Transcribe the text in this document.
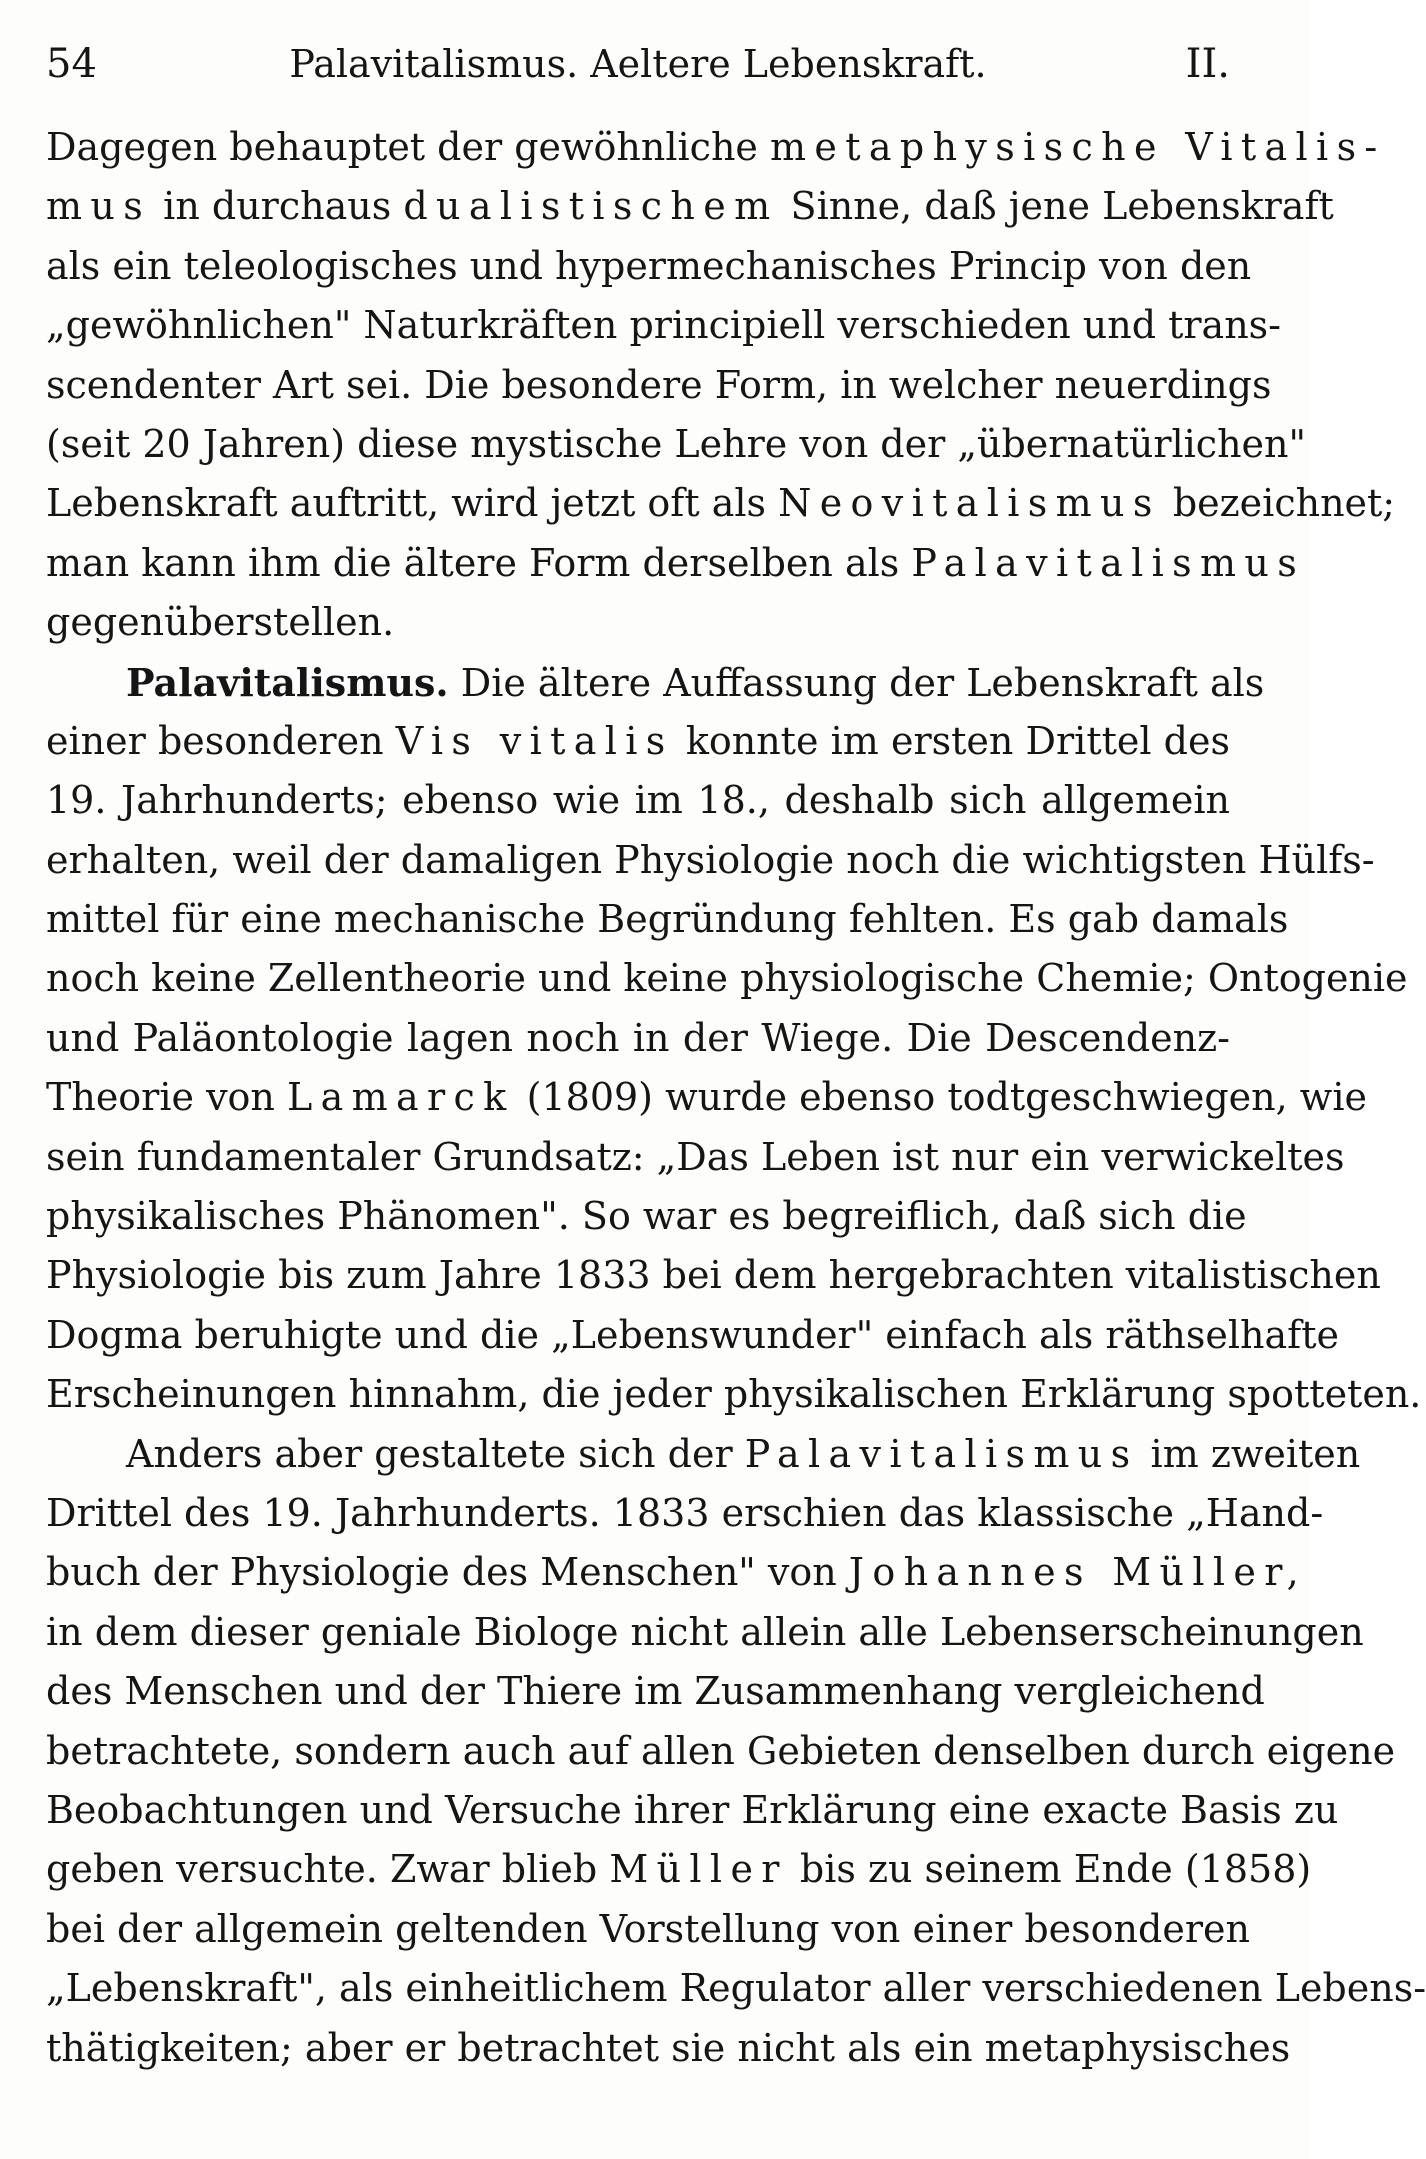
54	Palavitalismus. Aeltere Lebenskraft.	II.
Dagegen behauptet der gewöhnliche metaphysische Vitalis-
mus in durchaus dualistischem Sinne, daß jene Lebenskraft
als ein teleologisches und hypermechanisches Princip von den
„gewöhnlichen" Naturkräften principiell verschieden und trans-
scendenter Art sei. Die besondere Form, in welcher neuerdings
(seit 20 Jahren) diese mystische Lehre von der „übernatürlichen"
Lebenskraft auftritt, wird jetzt oft als Neovitalismus bezeichnet;
man kann ihm die ältere Form derselben als Palavitalismus
gegenüberstellen.
Palavitalismus. Die ältere Auffassung der Lebenskraft als
einer besonderen Vis vitalis konnte im ersten Drittel des
19. Jahrhunderts; ebenso wie im 18., deshalb sich allgemein
erhalten, weil der damaligen Physiologie noch die wichtigsten Hülfs-
mittel für eine mechanische Begründung fehlten. Es gab damals
noch keine Zellentheorie und keine physiologische Chemie; Ontogenie
und Paläontologie lagen noch in der Wiege. Die Descendenz-
Theorie von Lamarck (1809) wurde ebenso todtgeschwiegen, wie
sein fundamentaler Grundsatz: „Das Leben ist nur ein verwickeltes
physikalisches Phänomen". So war es begreiflich, daß sich die
Physiologie bis zum Jahre 1833 bei dem hergebrachten vitalistischen
Dogma beruhigte und die „Lebenswunder" einfach als räthselhafte
Erscheinungen hinnahm, die jeder physikalischen Erklärung spotteten.
Anders aber gestaltete sich der Palavitalismus im zweiten
Drittel des 19. Jahrhunderts. 1833 erschien das klassische „Hand-
buch der Physiologie des Menschen" von Johannes Müller,
in dem dieser geniale Biologe nicht allein alle Lebenserscheinungen
des Menschen und der Thiere im Zusammenhang vergleichend
betrachtete, sondern auch auf allen Gebieten denselben durch eigene
Beobachtungen und Versuche ihrer Erklärung eine exacte Basis zu
geben versuchte. Zwar blieb Müller bis zu seinem Ende (1858)
bei der allgemein geltenden Vorstellung von einer besonderen
„Lebenskraft", als einheitlichem Regulator aller verschiedenen Lebens-
thätigkeiten; aber er betrachtet sie nicht als ein metaphysisches
